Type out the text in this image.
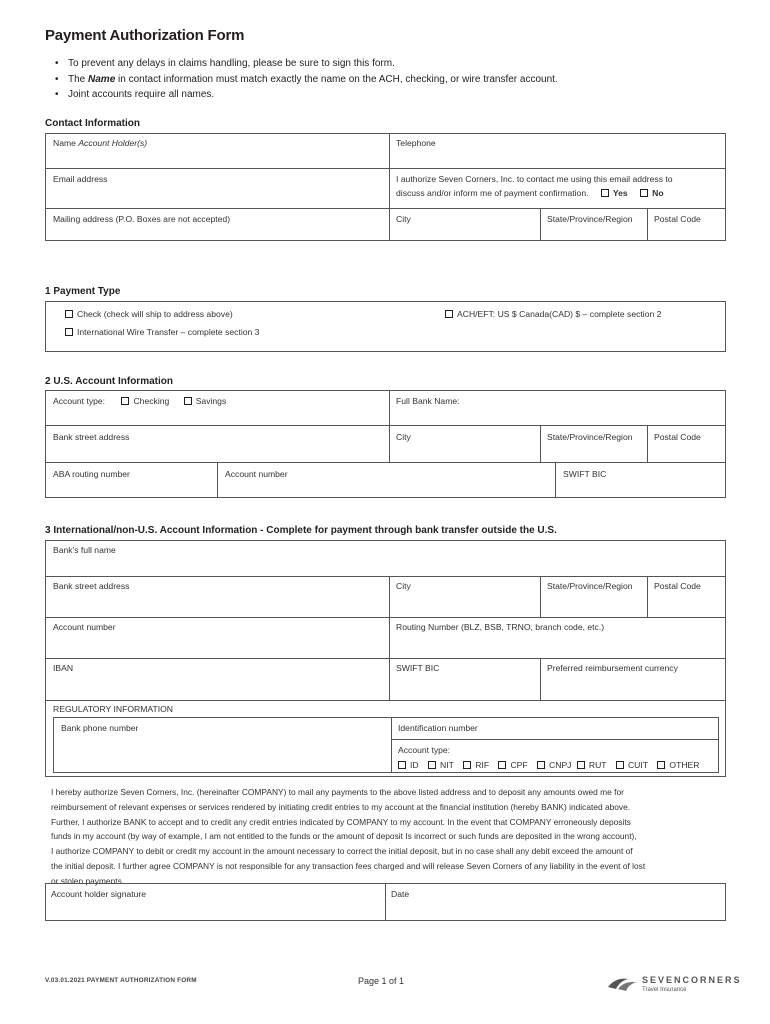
Payment Authorization Form
• To prevent any delays in claims handling, please be sure to sign this form.
• The Name in contact information must match exactly the name on the ACH, checking, or wire transfer account.
• Joint accounts require all names.
Contact Information
Name Account Holder(s)	Telephone
Email address	I authorize Seven Corners, Inc. to contact me using this email address to
discuss and/or inform me of payment confirmation.	Yes	No
Mailing address (P.O. Boxes are not accepted)	City	State/Province/Region Postal Code
1 Payment Type
Check (check will ship to address above)	ACH/EFT: US $ Canada(CAD) $ – complete section 2
International Wire Transfer – complete section 3
2 U.S. Account Information
Account type:	Checking	Savings	Full Bank Name:
Bank street address	City	State/Province/Region Postal Code
ABA routing number	Account number	SWIFT BIC
3 International/non-U.S. Account Information - Complete for payment through bank transfer outside the U.S.
Bank's full name
Bank street address	City	State/Province/Region Postal Code
Account number	Routing Number (BLZ, BSB, TRNO, branch code, etc.)
IBAN	SWIFT BIC	Preferred reimbursement currency
REGULATORY INFORMATION
Bank phone number	Identification number
Account type:
ID NIT RIF CPF CNPJ RUT CUIT OTHER
I hereby authorize Seven Corners, Inc. (hereinafter COMPANY) to mail any payments to the above listed address and to deposit any amounts owed me for
reimbursement of relevant expenses or services rendered by initiating credit entries to my account at the financial institution (hereby BANK) indicated above.
Further, I authorize BANK to accept and to credit any credit entries indicated by COMPANY to my account. In the event that COMPANY erroneously deposits
funds in my account (by way of example, I am not entitled to the funds or the amount of deposit Is incorrect or such funds are deposited in the wrong account),
I authorize COMPANY to debit or credit my account in the amount necessary to correct the initial deposit, but in no case shall any debit exceed the amount of
the initial deposit. I further agree COMPANY is not responsible for any transaction fees charged and will release Seven Corners of any liability in the event of lost
or stolen payments.
Account holder signature	Date
V.03.01.2021 PAYMENT AUTHORIZATION FORM	Page 1 of 1	SEVENCORNERS
Travel Insurance
